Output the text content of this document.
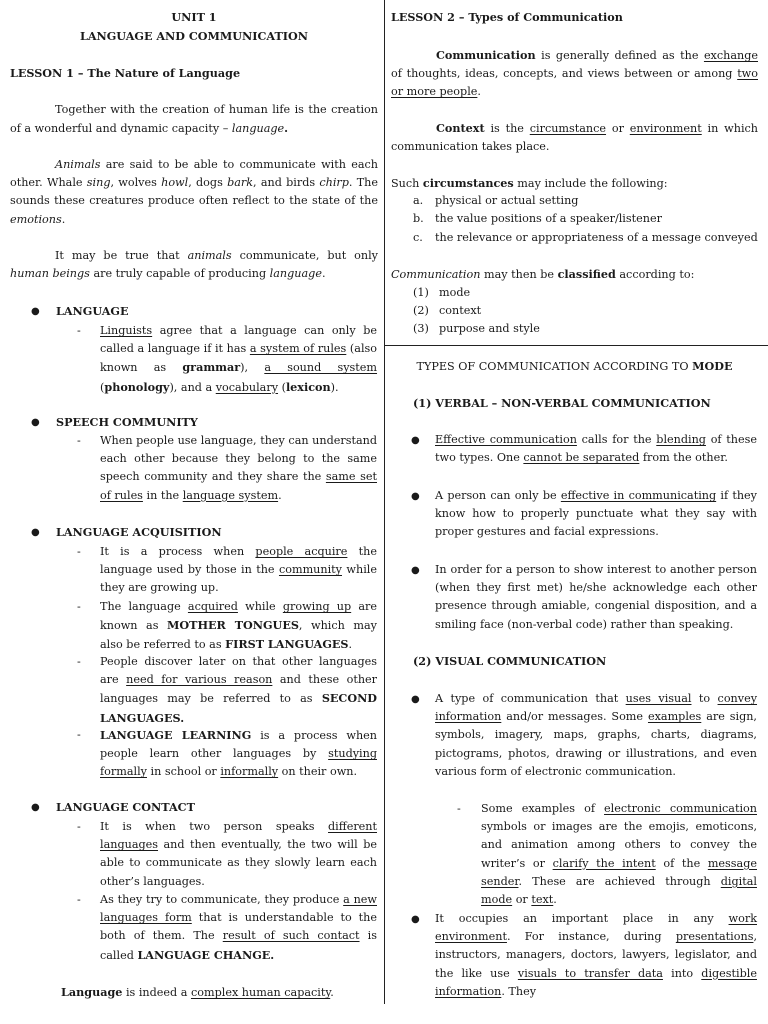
UNIT 1
LANGUAGE AND COMMUNICATION
LESSON 1 – The Nature of Language

Together with the creation of human life is the creation of a wonderful and dynamic capacity – language.

Animals are said to be able to communicate with each other. Whale sing, wolves howl, dogs bark, and birds chirp. The sounds these creatures produce often reflect to the state of the emotions.

It may be true that animals communicate, but only human beings are truly capable of producing language.

● LANGUAGE
- Linguists agree that a language can only be called a language if it has a system of rules (also known as grammar), a sound system (phonology), and a vocabulary (lexicon).

● SPEECH COMMUNITY
- When people use language, they can understand each other because they belong to the same speech community and they share the same set of rules in the language system.

● LANGUAGE ACQUISITION
- It is a process when people acquire the language used by those in the community while they are growing up.

- The language acquired while growing up are known as MOTHER TONGUES, which may also be referred to as FIRST LANGUAGES.

- People discover later on that other languages are need for various reason and these other languages may be referred to as SECOND LANGUAGES.

- LANGUAGE LEARNING is a process when people learn other languages by studying formally in school or informally on their own.

● LANGUAGE CONTACT
- It is when two person speaks different languages and then eventually, the two will be able to communicate as they slowly learn each other’s languages.

- As they try to communicate, they produce a new languages form that is understandable to the both of them. The result of such contact is called LANGUAGE CHANGE.

Language is indeed a complex human capacity.

LESSON 2 – Types of Communication

Communication is generally defined as the exchange of thoughts, ideas, concepts, and views between or among two or more people.

Context is the circumstance or environment in which communication takes place.

Such circumstances may include the following:

a. physical or actual setting
b. the value positions of a speaker/listener
c. the relevance or appropriateness of a message conveyed

Communication may then be classified according to:

(1) mode
(2) context
(3) purpose and style

TYPES OF COMMUNICATION ACCORDING TO MODE

(1) VERBAL – NON-VERBAL COMMUNICATION
● Effective communication calls for the blending of these two types. One cannot be separated from the other.

● A person can only be effective in communicating if they know how to properly punctuate what they say with proper gestures and facial expressions.

● In order for a person to show interest to another person (when they first met) he/she acknowledge each other presence through amiable, congenial disposition, and a smiling face (non-verbal code) rather than speaking.

(2) VISUAL COMMUNICATION
● A type of communication that uses visual to convey information and/or messages. Some examples are sign, symbols, imagery, maps, graphs, charts, diagrams, pictograms, photos, drawing or illustrations, and even various form of electronic communication.

- Some examples of electronic communication symbols or images are the emojis, emoticons, and animation among others to convey the writer’s or clarify the intent of the message sender. These are achieved through digital mode or text.

● It occupies an important place in any work environment. For instance, during presentations, instructors, managers, doctors, lawyers, legislator, and the like use visuals to transfer data into digestible information. They
